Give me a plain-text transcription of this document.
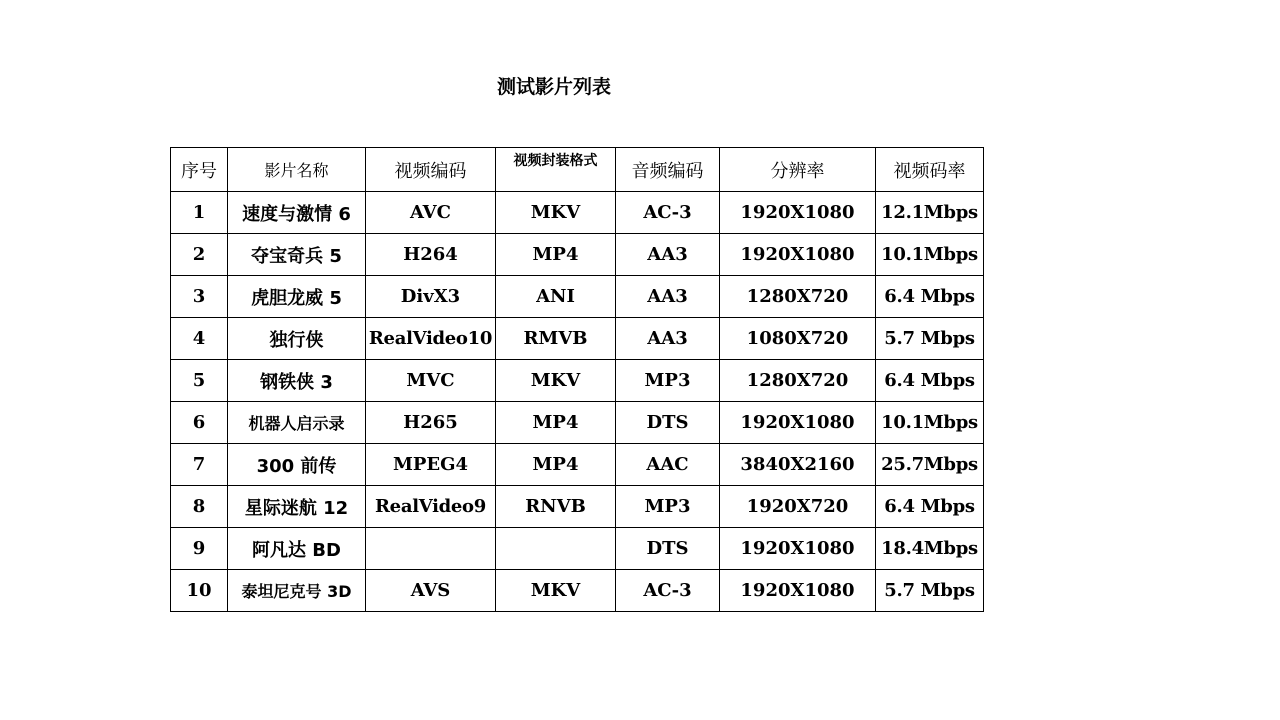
测试影片列表
序号	影片名称	视频编码	视频封装格式	音频编码	分辨率	视频码率
1	速度与激情 6	AVC	MKV	AC-3	1920X1080	12.1Mbps
2	夺宝奇兵 5	H264	MP4	AA3	1920X1080	10.1Mbps
3	虎胆龙威 5	DivX3	ANI	AA3	1280X720	6.4 Mbps
4	独行侠	RealVideo10	RMVB	AA3	1080X720	5.7 Mbps
5	钢铁侠 3	MVC	MKV	MP3	1280X720	6.4 Mbps
6	机器人启示录	H265	MP4	DTS	1920X1080	10.1Mbps
7	300 前传	MPEG4	MP4	AAC	3840X2160	25.7Mbps
8	星际迷航 12	RealVideo9	RNVB	MP3	1920X720	6.4 Mbps
9	阿凡达 BD			DTS	1920X1080	18.4Mbps
10	泰坦尼克号 3D	AVS	MKV	AC-3	1920X1080	5.7 Mbps
